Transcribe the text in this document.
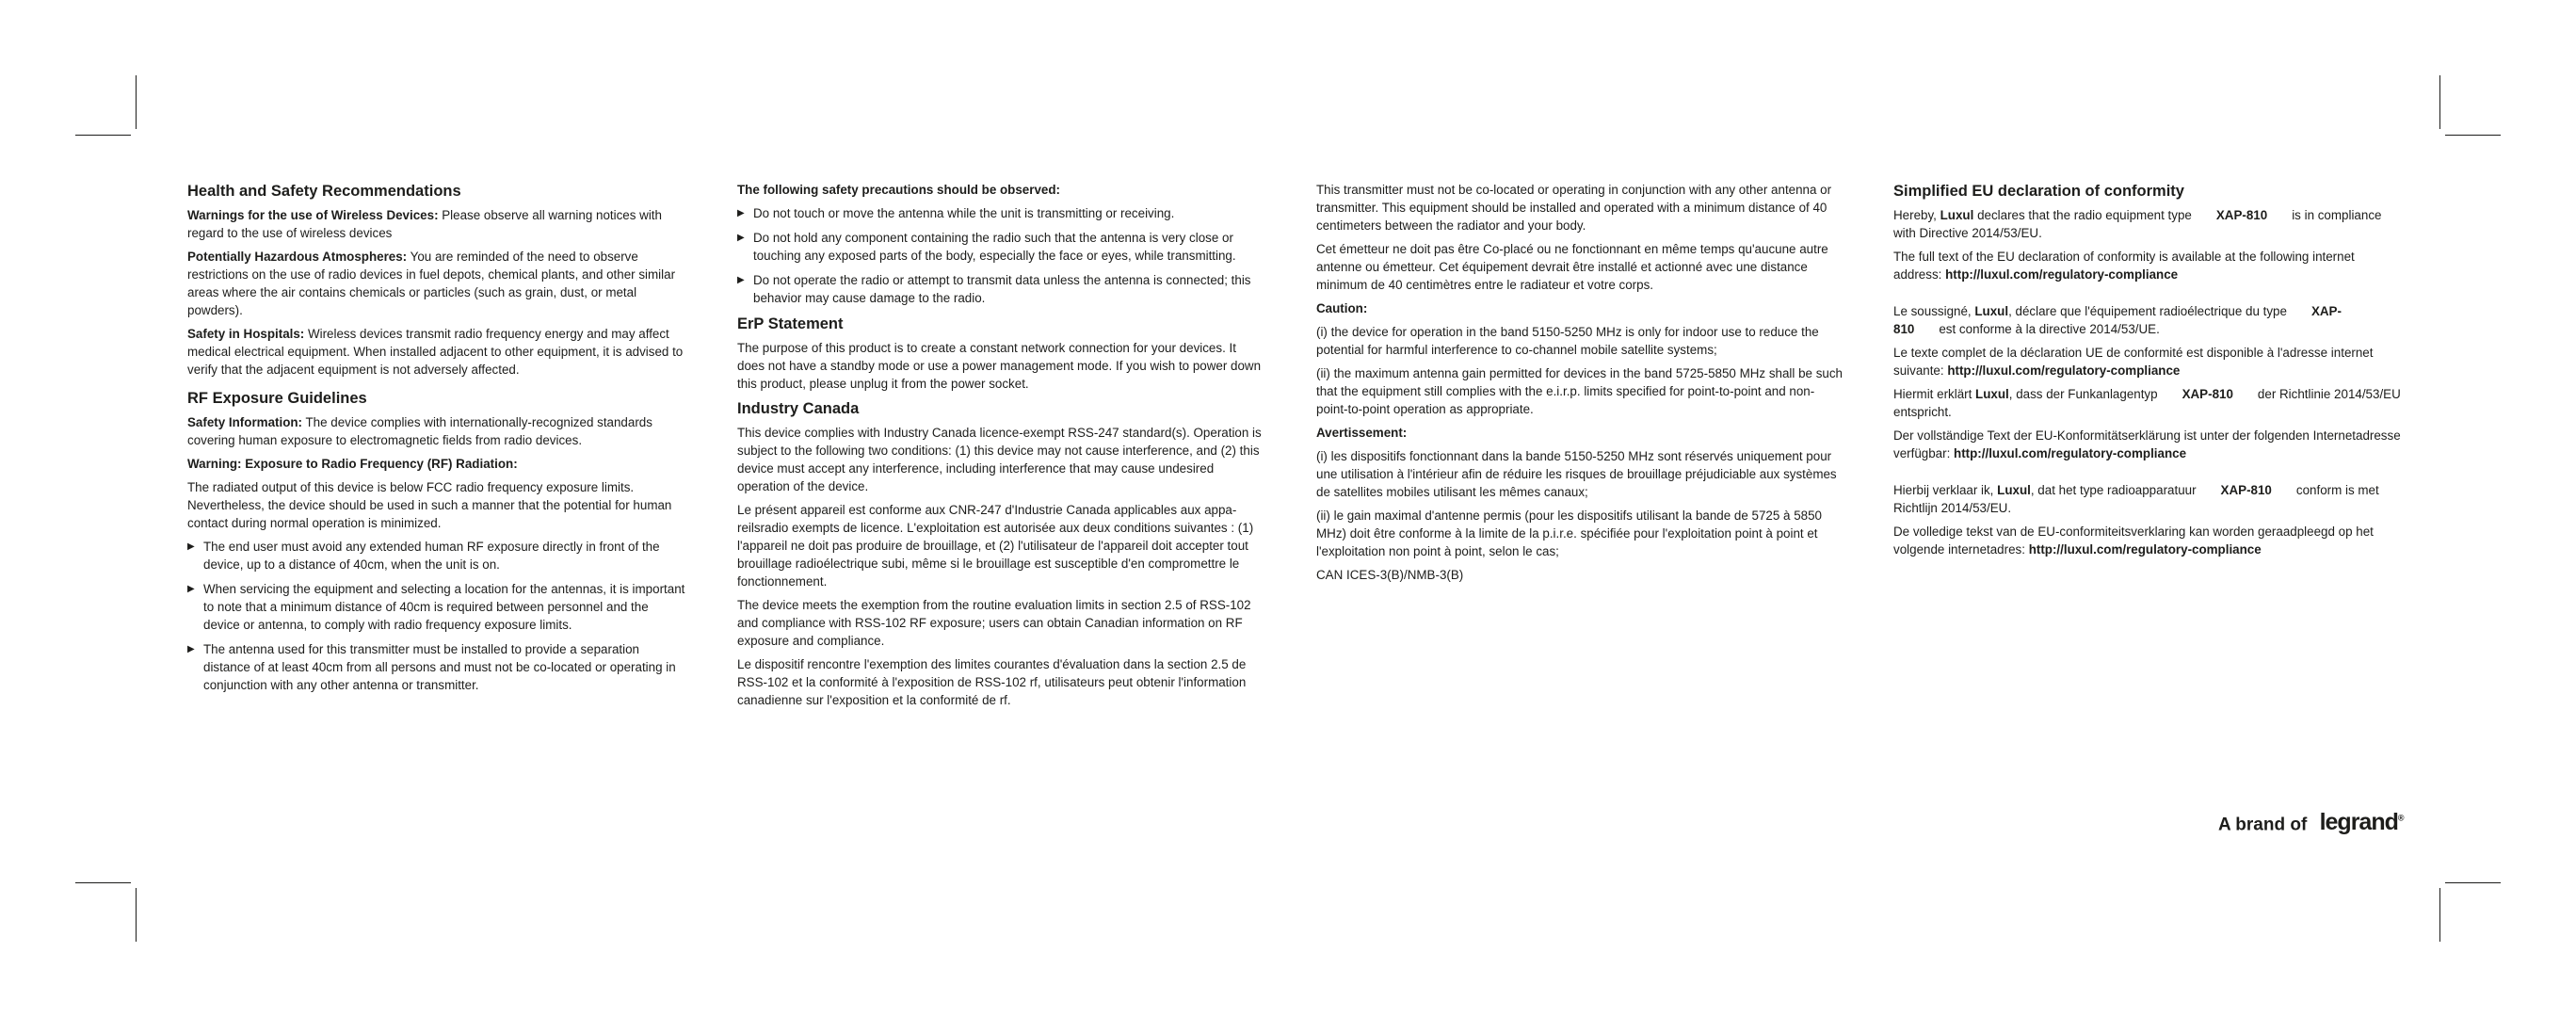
Health and Safety Recommendations

Warnings for the use of Wireless Devices: Please observe all warning notices with regard to the use of wireless devices

Potentially Hazardous Atmospheres: You are reminded of the need to observe restrictions on the use of radio devices in fuel depots, chemical plants, and other similar areas where the air contains chemicals or particles (such as grain, dust, or metal powders).

Safety in Hospitals: Wireless devices transmit radio frequency energy and may affect medical electrical equipment. When installed adjacent to other equipment, it is advised to verify that the adjacent equipment is not adversely affected.

RF Exposure Guidelines

Safety Information: The device complies with internationally-recognized standards covering human exposure to electromagnetic fields from radio devices.

Warning: Exposure to Radio Frequency (RF) Radiation:

The radiated output of this device is below FCC radio frequency exposure limits. Nevertheless, the device should be used in such a manner that the potential for human contact during normal operation is minimized.

▶ The end user must avoid any extended human RF exposure directly in front of the device, up to a distance of 40cm, when the unit is on.
▶ When servicing the equipment and selecting a location for the antennas, it is important to note that a minimum distance of 40cm is required between personnel and the device or antenna, to comply with radio frequency exposure limits.
▶ The antenna used for this transmitter must be installed to provide a separation distance of at least 40cm from all persons and must not be co-located or operating in conjunction with any other antenna or transmitter.

The following safety precautions should be observed:

▶ Do not touch or move the antenna while the unit is transmitting or receiving.
▶ Do not hold any component containing the radio such that the antenna is very close or touching any exposed parts of the body, especially the face or eyes, while transmitting.
▶ Do not operate the radio or attempt to transmit data unless the antenna is connected; this behavior may cause damage to the radio.
ErP Statement

The purpose of this product is to create a constant network connection for your devices. It does not have a standby mode or use a power management mode. If you wish to power down this product, please unplug it from the power socket.

Industry Canada

This device complies with Industry Canada licence-exempt RSS-247 standard(s). Operation is subject to the following two conditions: (1) this device may not cause interference, and (2) this device must accept any interference, including interference that may cause undesired operation of the device.

Le présent appareil est conforme aux CNR-247 d'Industrie Canada applicables aux appa-reilsradio exempts de licence. L'exploitation est autorisée aux deux conditions suivantes : (1) l'appareil ne doit pas produire de brouillage, et (2) l'utilisateur de l'appareil doit accepter tout brouillage radioélectrique subi, même si le brouillage est susceptible d'en compromettre le fonctionnement.

The device meets the exemption from the routine evaluation limits in section 2.5 of RSS-102 and compliance with RSS-102 RF exposure; users can obtain Canadian information on RF exposure and compliance.

Le dispositif rencontre l'exemption des limites courantes d'évaluation dans la section 2.5 de RSS-102 et la conformité à l'exposition de RSS-102 rf, utilisateurs peut obtenir l'information canadienne sur l'exposition et la conformité de rf.

This transmitter must not be co-located or operating in conjunction with any other antenna or transmitter. This equipment should be installed and operated with a minimum distance of 40 centimeters between the radiator and your body.

Cet émetteur ne doit pas être Co-placé ou ne fonctionnant en même temps qu'aucune autre antenne ou émetteur. Cet équipement devrait être installé et actionné avec une distance minimum de 40 centimètres entre le radiateur et votre corps.

Caution:

(i) the device for operation in the band 5150-5250 MHz is only for indoor use to reduce the potential for harmful interference to co-channel mobile satellite systems;

(ii) the maximum antenna gain permitted for devices in the band 5725-5850 MHz shall be such that the equipment still complies with the e.i.r.p. limits specified for point-to-point and non-point-to-point operation as appropriate.

Avertissement:

(i) les dispositifs fonctionnant dans la bande 5150-5250 MHz sont réservés uniquement pour une utilisation à l'intérieur afin de réduire les risques de brouillage préjudiciable aux systèmes de satellites mobiles utilisant les mêmes canaux;

(ii) le gain maximal d'antenne permis (pour les dispositifs utilisant la bande de 5725 à 5850 MHz) doit être conforme à la limite de la p.i.r.e. spécifiée pour l'exploitation point à point et l'exploitation non point à point, selon le cas;

CAN ICES-3(B)/NMB-3(B)

Simplified EU declaration of conformity

Hereby, Luxul declares that the radio equipment type XAP-810 is in compliance with Directive 2014/53/EU.

The full text of the EU declaration of conformity is available at the following internet address: http://luxul.com/regulatory-compliance

Le soussigné, Luxul, déclare que l'équipement radioélectrique du type XAP-810 est conforme à la directive 2014/53/UE.

Le texte complet de la déclaration UE de conformité est disponible à l'adresse internet suivante: http://luxul.com/regulatory-compliance

Hiermit erklärt Luxul, dass der Funkanlagentyp XAP-810 der Richtlinie 2014/53/EU entspricht.

Der vollständige Text der EU-Konformitätserklärung ist unter der folgenden Internetadresse verfügbar: http://luxul.com/regulatory-compliance

Hierbij verklaar ik, Luxul, dat het type radioapparatuur XAP-810 conform is met Richtlijn 2014/53/EU.

De volledige tekst van de EU-conformiteitsverklaring kan worden geraadpleegd op het volgende internetadres: http://luxul.com/regulatory-compliance

A brand of legrand®
